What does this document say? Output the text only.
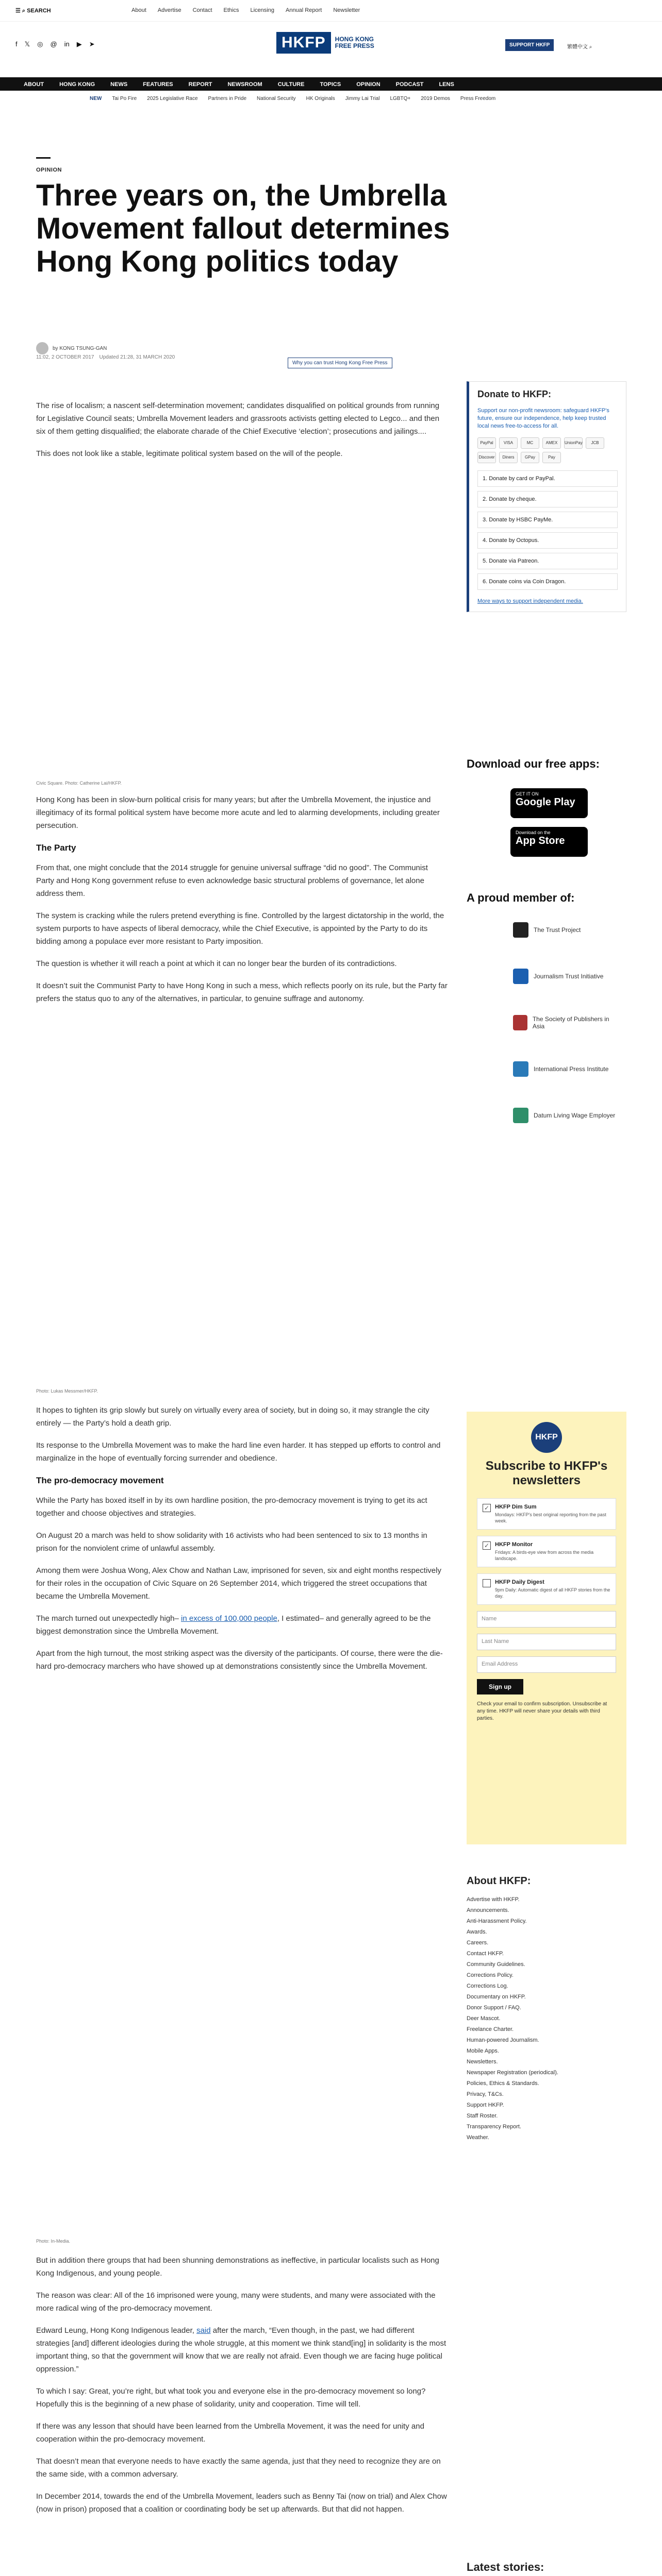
☰ ⌕ SEARCH	About Advertise Contact Ethics Licensing Annual Report Newsletter
f 𝕏 ◎ @ in ▶ ➤	HKFP	HONG KONG
FREE PRESS	SUPPORT HKFP	繁體中文 ⌕
ABOUT	HONG KONG	NEWS	FEATURES	REPORT	NEWSROOM	CULTURE	TOPICS	OPINION	PODCAST	LENS
NEW Tai Po Fire 2025 Legislative Race Partners in Pride National Security HK Originals Jimmy Lai Trial LGBTQ+ 2019 Demos Press Freedom
OPINION
Three years on, the Umbrella Movement fallout determines Hong Kong politics today
by KONG TSUNG-GAN
11:02, 2 OCTOBER 2017 Updated 21:28, 31 MARCH 2020
Why you can trust Hong Kong Free Press

The rise of localism; a nascent self-determination movement; candidates disqualified on political grounds from running for Legislative Council seats; Umbrella Movement leaders and grassroots activists getting elected to Legco... and then six of them getting disqualified; the elaborate charade of the Chief Executive ‘election’; prosecutions and jailings....

This does not look like a stable, legitimate political system based on the will of the people.

Civic Square. Photo: Catherine Lai/HKFP.

Hong Kong has been in slow-burn political crisis for many years; but after the Umbrella Movement, the injustice and illegitimacy of its formal political system have become more acute and led to alarming developments, including greater persecution.

The Party

From that, one might conclude that the 2014 struggle for genuine universal suffrage “did no good”. The Communist Party and Hong Kong government refuse to even acknowledge basic structural problems of governance, let alone address them.

The system is cracking while the rulers pretend everything is fine. Controlled by the largest dictatorship in the world, the system purports to have aspects of liberal democracy, while the Chief Executive, is appointed by the Party to do its bidding among a populace ever more resistant to Party imposition.

The question is whether it will reach a point at which it can no longer bear the burden of its contradictions.

It doesn’t suit the Communist Party to have Hong Kong in such a mess, which reflects poorly on its rule, but the Party far prefers the status quo to any of the alternatives, in particular, to genuine suffrage and autonomy.

Photo: Lukas Messmer/HKFP.

It hopes to tighten its grip slowly but surely on virtually every area of society, but in doing so, it may strangle the city entirely — the Party’s hold a death grip.

Its response to the Umbrella Movement was to make the hard line even harder. It has stepped up efforts to control and marginalize in the hope of eventually forcing surrender and obedience.

The pro-democracy movement

While the Party has boxed itself in by its own hardline position, the pro-democracy movement is trying to get its act together and choose objectives and strategies.

On August 20 a march was held to show solidarity with 16 activists who had been sentenced to six to 13 months in prison for the nonviolent crime of unlawful assembly.

Among them were Joshua Wong, Alex Chow and Nathan Law, imprisoned for seven, six and eight months respectively for their roles in the occupation of Civic Square on 26 September 2014, which triggered the street occupations that became the Umbrella Movement.

The march turned out unexpectedly high– in excess of 100,000 people, I estimated– and generally agreed to be the biggest demonstration since the Umbrella Movement.

Apart from the high turnout, the most striking aspect was the diversity of the participants. Of course, there were the die-hard pro-democracy marchers who have showed up at demonstrations consistently since the Umbrella Movement.

Photo: In-Media.

But in addition there groups that had been shunning demonstrations as ineffective, in particular localists such as Hong Kong Indigenous, and young people.

The reason was clear: All of the 16 imprisoned were young, many were students, and many were associated with the more radical wing of the pro-democracy movement.

Edward Leung, Hong Kong Indigenous leader, said after the march, “Even though, in the past, we had different strategies [and] different ideologies during the whole struggle, at this moment we think stand[ing] in solidarity is the most important thing, so that the government will know that we are really not afraid. Even though we are facing huge political oppression.”

To which I say: Great, you’re right, but what took you and everyone else in the pro-democracy movement so long? Hopefully this is the beginning of a new phase of solidarity, unity and cooperation. Time will tell.

If there was any lesson that should have been learned from the Umbrella Movement, it was the need for unity and cooperation within the pro-democracy movement.

That doesn’t mean that everyone needs to have exactly the same agenda, just that they need to recognize they are on the same side, with a common adversary.

In December 2014, towards the end of the Umbrella Movement, leaders such as Benny Tai (now on trial) and Alex Chow (now in prison) proposed that a coalition or coordinating body be set up afterwards. But that did not happen.

Donate to HKFP:
Support our non-profit newsroom: safeguard HKFP's future, ensure our independence, help keep trusted local news free-to-access for all.
PayPal	VISA	MC	AMEX	UnionPay	JCB
Discover	Diners	GPay	Pay
1. Donate by card or PayPal.
2. Donate by cheque.
3. Donate by HSBC PayMe.
4. Donate by Octopus.
5. Donate via Patreon.
6. Donate coins via Coin Dragon.
More ways to support independent media.
Download our free apps:
GET IT ON
Google Play
Download on the
App Store
A proud member of:
The Trust Project
Journalism Trust Initiative
The Society of Publishers in Asia
International Press Institute
Datum Living Wage Employer
HKFP
Subscribe to HKFP's newsletters
✓ HKFP Dim Sum
Mondays: HKFP's best original reporting from the past week.
✓ HKFP Monitor
Fridays: A birds-eye view from across the media landscape.
HKFP Daily Digest
9pm Daily: Automatic digest of all HKFP stories from the day.
Name
Last Name
Email Address
Sign up
Check your email to confirm subscription. Unsubscribe at any time. HKFP will never share your details with third parties.
About HKFP:
Advertise with HKFP.
Announcements.
Anti-Harassment Policy.
Awards.
Careers.
Contact HKFP.
Community Guidelines.
Corrections Policy.
Corrections Log.
Documentary on HKFP.
Donor Support / FAQ.
Deer Mascot.
Freelance Charter.
Human-powered Journalism.
Mobile Apps.
Newsletters.
Newspaper Registration (periodical).
Policies, Ethics & Standards.
Privacy, T&Cs.
Support HKFP.
Staff Roster.
Transparency Report.
Weather.
Latest stories:
